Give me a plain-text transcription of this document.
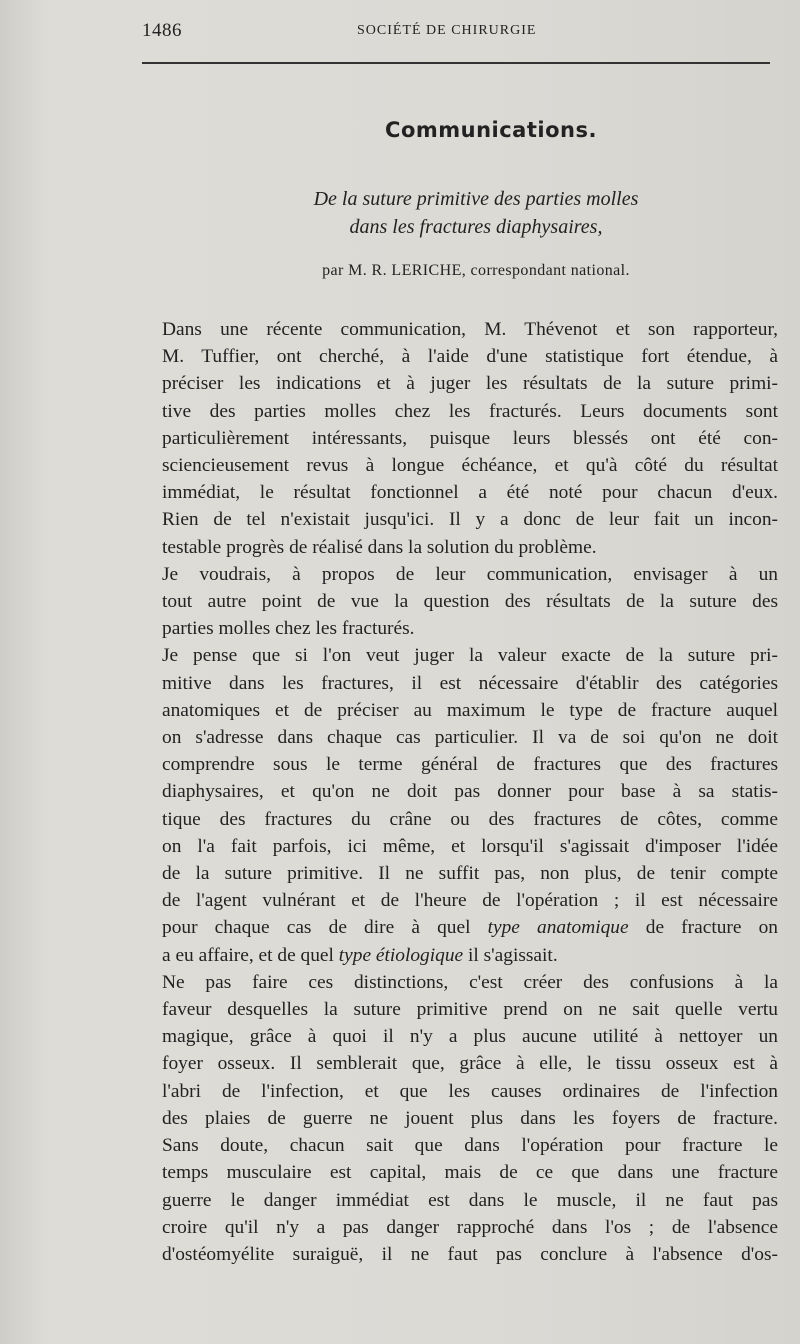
1486	SOCIÉTÉ DE CHIRURGIE
Communications.
De la suture primitive des parties molles
dans les fractures diaphysaires,
par M. R. LERICHE, correspondant national.

Dans une récente communication, M. Thévenot et son rapporteur,
M. Tuffier, ont cherché, à l'aide d'une statistique fort étendue, à
préciser les indications et à juger les résultats de la suture primi-
tive des parties molles chez les fracturés. Leurs documents sont
particulièrement intéressants, puisque leurs blessés ont été con-
sciencieusement revus à longue échéance, et qu'à côté du résultat
immédiat, le résultat fonctionnel a été noté pour chacun d'eux.
Rien de tel n'existait jusqu'ici. Il y a donc de leur fait un incon-
testable progrès de réalisé dans la solution du problème.

Je voudrais, à propos de leur communication, envisager à un
tout autre point de vue la question des résultats de la suture des
parties molles chez les fracturés.

Je pense que si l'on veut juger la valeur exacte de la suture pri-
mitive dans les fractures, il est nécessaire d'établir des catégories
anatomiques et de préciser au maximum le type de fracture auquel
on s'adresse dans chaque cas particulier. Il va de soi qu'on ne doit
comprendre sous le terme général de fractures que des fractures
diaphysaires, et qu'on ne doit pas donner pour base à sa statis-
tique des fractures du crâne ou des fractures de côtes, comme
on l'a fait parfois, ici même, et lorsqu'il s'agissait d'imposer l'idée
de la suture primitive. Il ne suffit pas, non plus, de tenir compte
de l'agent vulnérant et de l'heure de l'opération ; il est nécessaire
pour chaque cas de dire à quel type anatomique de fracture on
a eu affaire, et de quel type étiologique il s'agissait.

Ne pas faire ces distinctions, c'est créer des confusions à la
faveur desquelles la suture primitive prend on ne sait quelle vertu
magique, grâce à quoi il n'y a plus aucune utilité à nettoyer un
foyer osseux. Il semblerait que, grâce à elle, le tissu osseux est à
l'abri de l'infection, et que les causes ordinaires de l'infection
des plaies de guerre ne jouent plus dans les foyers de fracture.
Sans doute, chacun sait que dans l'opération pour fracture le
temps musculaire est capital, mais de ce que dans une fracture
guerre le danger immédiat est dans le muscle, il ne faut pas
croire qu'il n'y a pas danger rapproché dans l'os ; de l'absence
d'ostéomyélite suraiguë, il ne faut pas conclure à l'absence d'os-
